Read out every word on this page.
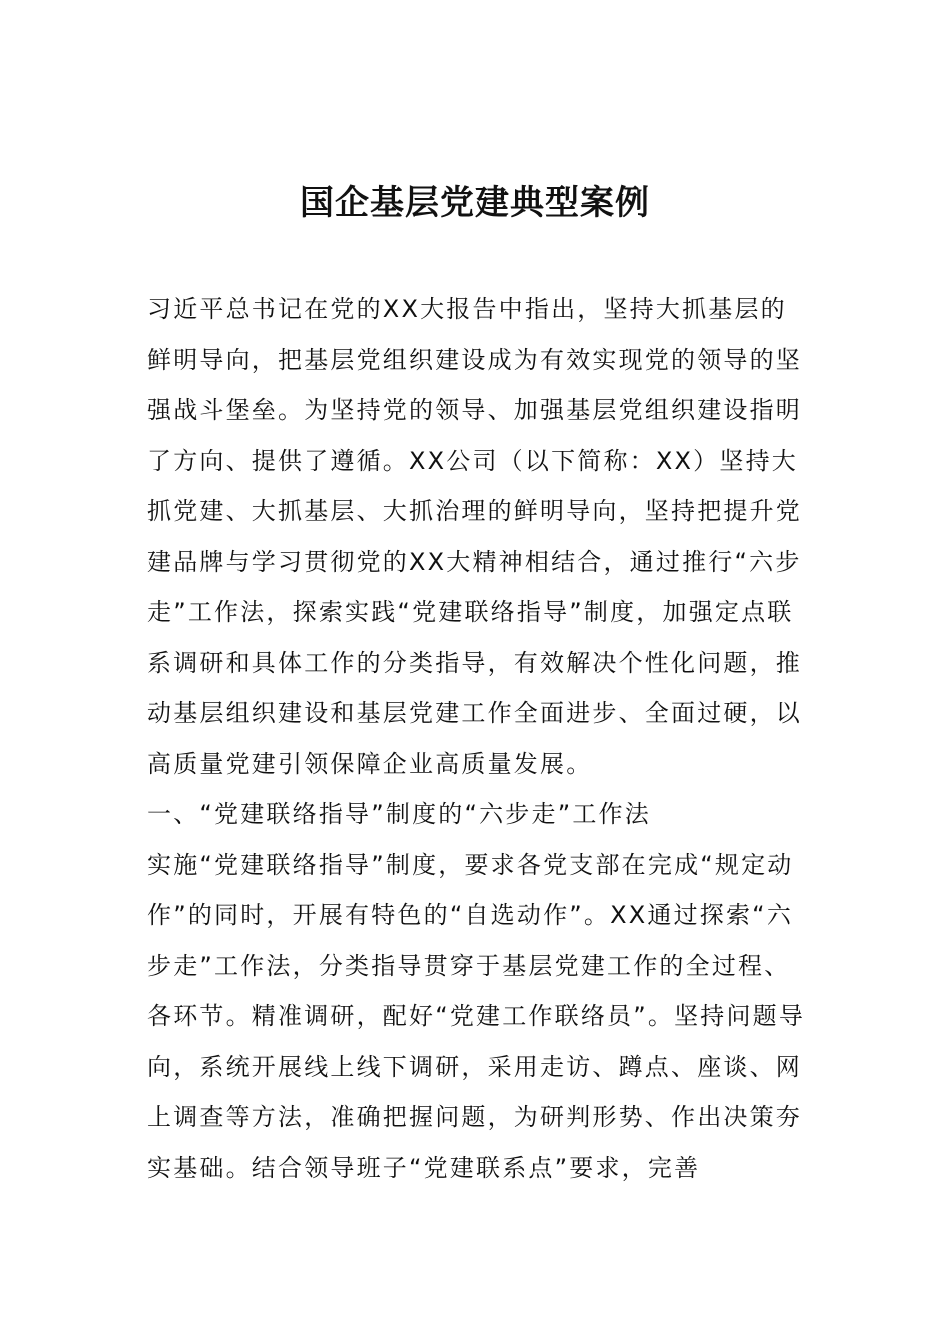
国企基层党建典型案例

习近平总书记在党的XX大报告中指出，坚持大抓基层的鲜明导向，把基层党组织建设成为有效实现党的领导的坚强战斗堡垒。为坚持党的领导、加强基层党组织建设指明了方向、提供了遵循。XX公司（以下简称：XX）坚持大抓党建、大抓基层、大抓治理的鲜明导向，坚持把提升党建品牌与学习贯彻党的XX大精神相结合，通过推行“六步走”工作法，探索实践“党建联络指导”制度，加强定点联系调研和具体工作的分类指导，有效解决个性化问题，推动基层组织建设和基层党建工作全面进步、全面过硬，以高质量党建引领保障企业高质量发展。

一、“党建联络指导”制度的“六步走”工作法

实施“党建联络指导”制度，要求各党支部在完成“规定动作”的同时，开展有特色的“自选动作”。XX通过探索“六步走”工作法，分类指导贯穿于基层党建工作的全过程、各环节。精准调研，配好“党建工作联络员”。坚持问题导向，系统开展线上线下调研，采用走访、蹲点、座谈、网上调查等方法，准确把握问题，为研判形势、作出决策夯实基础。结合领导班子“党建联系点”要求，完善
